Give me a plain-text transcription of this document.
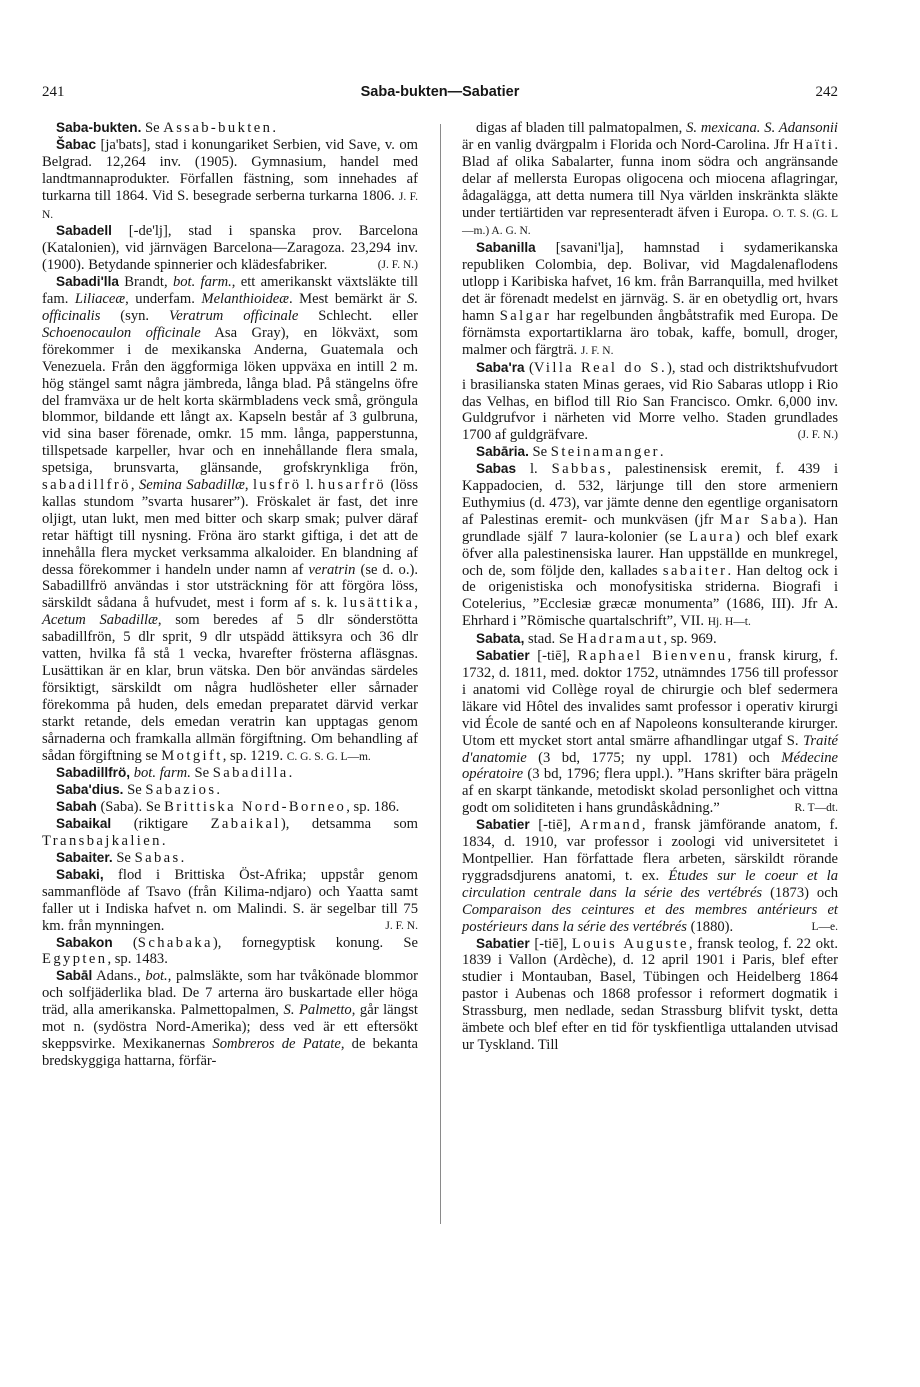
241	Saba-bukten—Sabatier	242

Saba-bukten. Se Assab-bukten.

Šabac [ja'bats], stad i konungariket Serbien, vid Save, v. om Belgrad. 12,264 inv. (1905). Gymnasium, handel med landtmannaprodukter. Förfallen fästning, som innehades af turkarna till 1864. Vid S. besegrade serberna turkarna 1806. J. F. N.

Sabadell [-de'lj], stad i spanska prov. Barcelona (Katalonien), vid järnvägen Barcelona—Zaragoza. 23,294 inv. (1900). Betydande spinnerier och klädesfabriker.	(J. F. N.)

Sabadi'lla Brandt, bot. farm., ett amerikanskt växtsläkte till fam. Liliaceæ, underfam. Melanthioideæ. Mest bemärkt är S. officinalis (syn. Veratrum officinale Schlecht. eller Schoenocaulon officinale Asa Gray), en lökväxt, som förekommer i de mexikanska Anderna, Guatemala och Venezuela. Från den äggformiga löken uppväxa en intill 2 m. hög stängel samt några jämbreda, långa blad. På stängelns öfre del framväxa ur de helt korta skärmbladens veck små, gröngula blommor, bildande ett långt ax. Kapseln består af 3 gulbruna, vid sina baser förenade, omkr. 15 mm. långa, papperstunna, tillspetsade karpeller, hvar och en innehållande flera smala, spetsiga, brunsvarta, glänsande, grofskrynkliga frön, sabadillfrö, Semina Sabadillæ, lusfrö l. husarfrö (löss kallas stundom ”svarta husarer”). Fröskalet är fast, det inre oljigt, utan lukt, men med bitter och skarp smak; pulver däraf retar häftigt till nysning. Fröna äro starkt giftiga, i det att de innehålla flera mycket verksamma alkaloider. En blandning af dessa förekommer i handeln under namn af veratrin (se d. o.). Sabadillfrö användas i stor utsträckning för att förgöra löss, särskildt sådana å hufvudet, mest i form af s. k. lusättika, Acetum Sabadillæ, som beredes af 5 dlr sönderstötta sabadillfrön, 5 dlr sprit, 9 dlr utspädd ättiksyra och 36 dlr vatten, hvilka få stå 1 vecka, hvarefter frösterna afläsgnas. Lusättikan är en klar, brun vätska. Den bör användas särdeles försiktigt, särskildt om några hudlösheter eller sårnader förekomma på huden, dels emedan preparatet därvid verkar starkt retande, dels emedan veratrin kan upptagas genom sårnaderna och framkalla allmän förgiftning. Om behandling af sådan förgiftning se Motgift, sp. 1219. C. G. S. G. L—m.

Sabadillfrö, bot. farm. Se Sabadilla.

Saba'dius. Se Sabazios.

Sabah (Saba). Se Brittiska Nord-Borneo, sp. 186.

Sabaikal (riktigare Zabaikal), detsamma som Transbajkalien.

Sabaiter. Se Sabas.

Sabaki, flod i Brittiska Öst-Afrika; uppstår genom sammanflöde af Tsavo (från Kilima-ndjaro) och Yaatta samt faller ut i Indiska hafvet n. om Malindi. S. är segelbar till 75 km. från mynningen.	J. F. N.

Sabakon (Schabaka), fornegyptisk konung. Se Egypten, sp. 1483.

Sabāl Adans., bot., palmsläkte, som har tvåkönade blommor och solfjäderlika blad. De 7 arterna äro buskartade eller höga träd, alla amerikanska. Palmettopalmen, S. Palmetto, går längst mot n. (sydöstra Nord-Amerika); dess ved är ett eftersökt skeppsvirke. Mexikanernas Sombreros de Patate, de bekanta bredskyggiga hattarna, förfär-

digas af bladen till palmatopalmen, S. mexicana. S. Adansonii är en vanlig dvärgpalm i Florida och Nord-Carolina. Jfr Haïti. Blad af olika Sabalarter, funna inom södra och angränsande delar af mellersta Europas oligocena och miocena aflagringar, ådagalägga, att detta numera till Nya världen inskränkta släkte under tertiärtiden var representeradt äfven i Europa. O. T. S. (G. L—m.) A. G. N.

Sabanilla [savani'lja], hamnstad i sydamerikanska republiken Colombia, dep. Bolivar, vid Magdalenaflodens utlopp i Karibiska hafvet, 16 km. från Barranquilla, med hvilket det är förenadt medelst en järnväg. S. är en obetydlig ort, hvars hamn Salgar har regelbunden ångbåtstrafik med Europa. De förnämsta exportartiklarna äro tobak, kaffe, bomull, droger, malmer och färgträ. J. F. N.

Saba'ra (Villa Real do S.), stad och distriktshufvudort i brasilianska staten Minas geraes, vid Rio Sabaras utlopp i Rio das Velhas, en biflod till Rio San Francisco. Omkr. 6,000 inv. Guldgrufvor i närheten vid Morre velho. Staden grundlades 1700 af guldgräfvare.	(J. F. N.)

Sabāria. Se Steinamanger.

Sabas l. Sabbas, palestinensisk eremit, f. 439 i Kappadocien, d. 532, lärjunge till den store armeniern Euthymius (d. 473), var jämte denne den egentlige organisatorn af Palestinas eremit- och munkväsen (jfr Mar Saba). Han grundlade själf 7 laura-kolonier (se Laura) och blef exark öfver alla palestinensiska laurer. Han uppställde en munkregel, och de, som följde den, kallades sabaiter. Han deltog ock i de origenistiska och monofysitiska striderna. Biografi i Cotelerius, ”Ecclesiæ græcæ monumenta” (1686, III). Jfr A. Ehrhard i ”Römische quartalschrift”, VII. Hj. H—t.

Sabata, stad. Se Hadramaut, sp. 969.

Sabatier [-tiē], Raphael Bienvenu, fransk kirurg, f. 1732, d. 1811, med. doktor 1752, utnämndes 1756 till professor i anatomi vid Collège royal de chirurgie och blef sedermera läkare vid Hôtel des invalides samt professor i operativ kirurgi vid École de santé och en af Napoleons konsulterande kirurger. Utom ett mycket stort antal smärre afhandlingar utgaf S. Traité d'anatomie (3 bd, 1775; ny uppl. 1781) och Médecine opératoire (3 bd, 1796; flera uppl.). ”Hans skrifter bära prägeln af en skarpt tänkande, metodiskt skolad personlighet och vittna godt om soliditeten i hans grundåskådning.”	R. T—dt.

Sabatier [-tiē], Armand, fransk jämförande anatom, f. 1834, d. 1910, var professor i zoologi vid universitetet i Montpellier. Han författade flera arbeten, särskildt rörande ryggradsdjurens anatomi, t. ex. Études sur le coeur et la circulation centrale dans la série des vertébrés (1873) och Comparaison des ceintures et des membres antérieurs et postérieurs dans la série des vertébrés (1880).	L—e.

Sabatier [-tiē], Louis Auguste, fransk teolog, f. 22 okt. 1839 i Vallon (Ardèche), d. 12 april 1901 i Paris, blef efter studier i Montauban, Basel, Tübingen och Heidelberg 1864 pastor i Aubenas och 1868 professor i reformert dogmatik i Strassburg, men nedlade, sedan Strassburg blifvit tyskt, detta ämbete och blef efter en tid för tyskfientliga uttalanden utvisad ur Tyskland. Till
